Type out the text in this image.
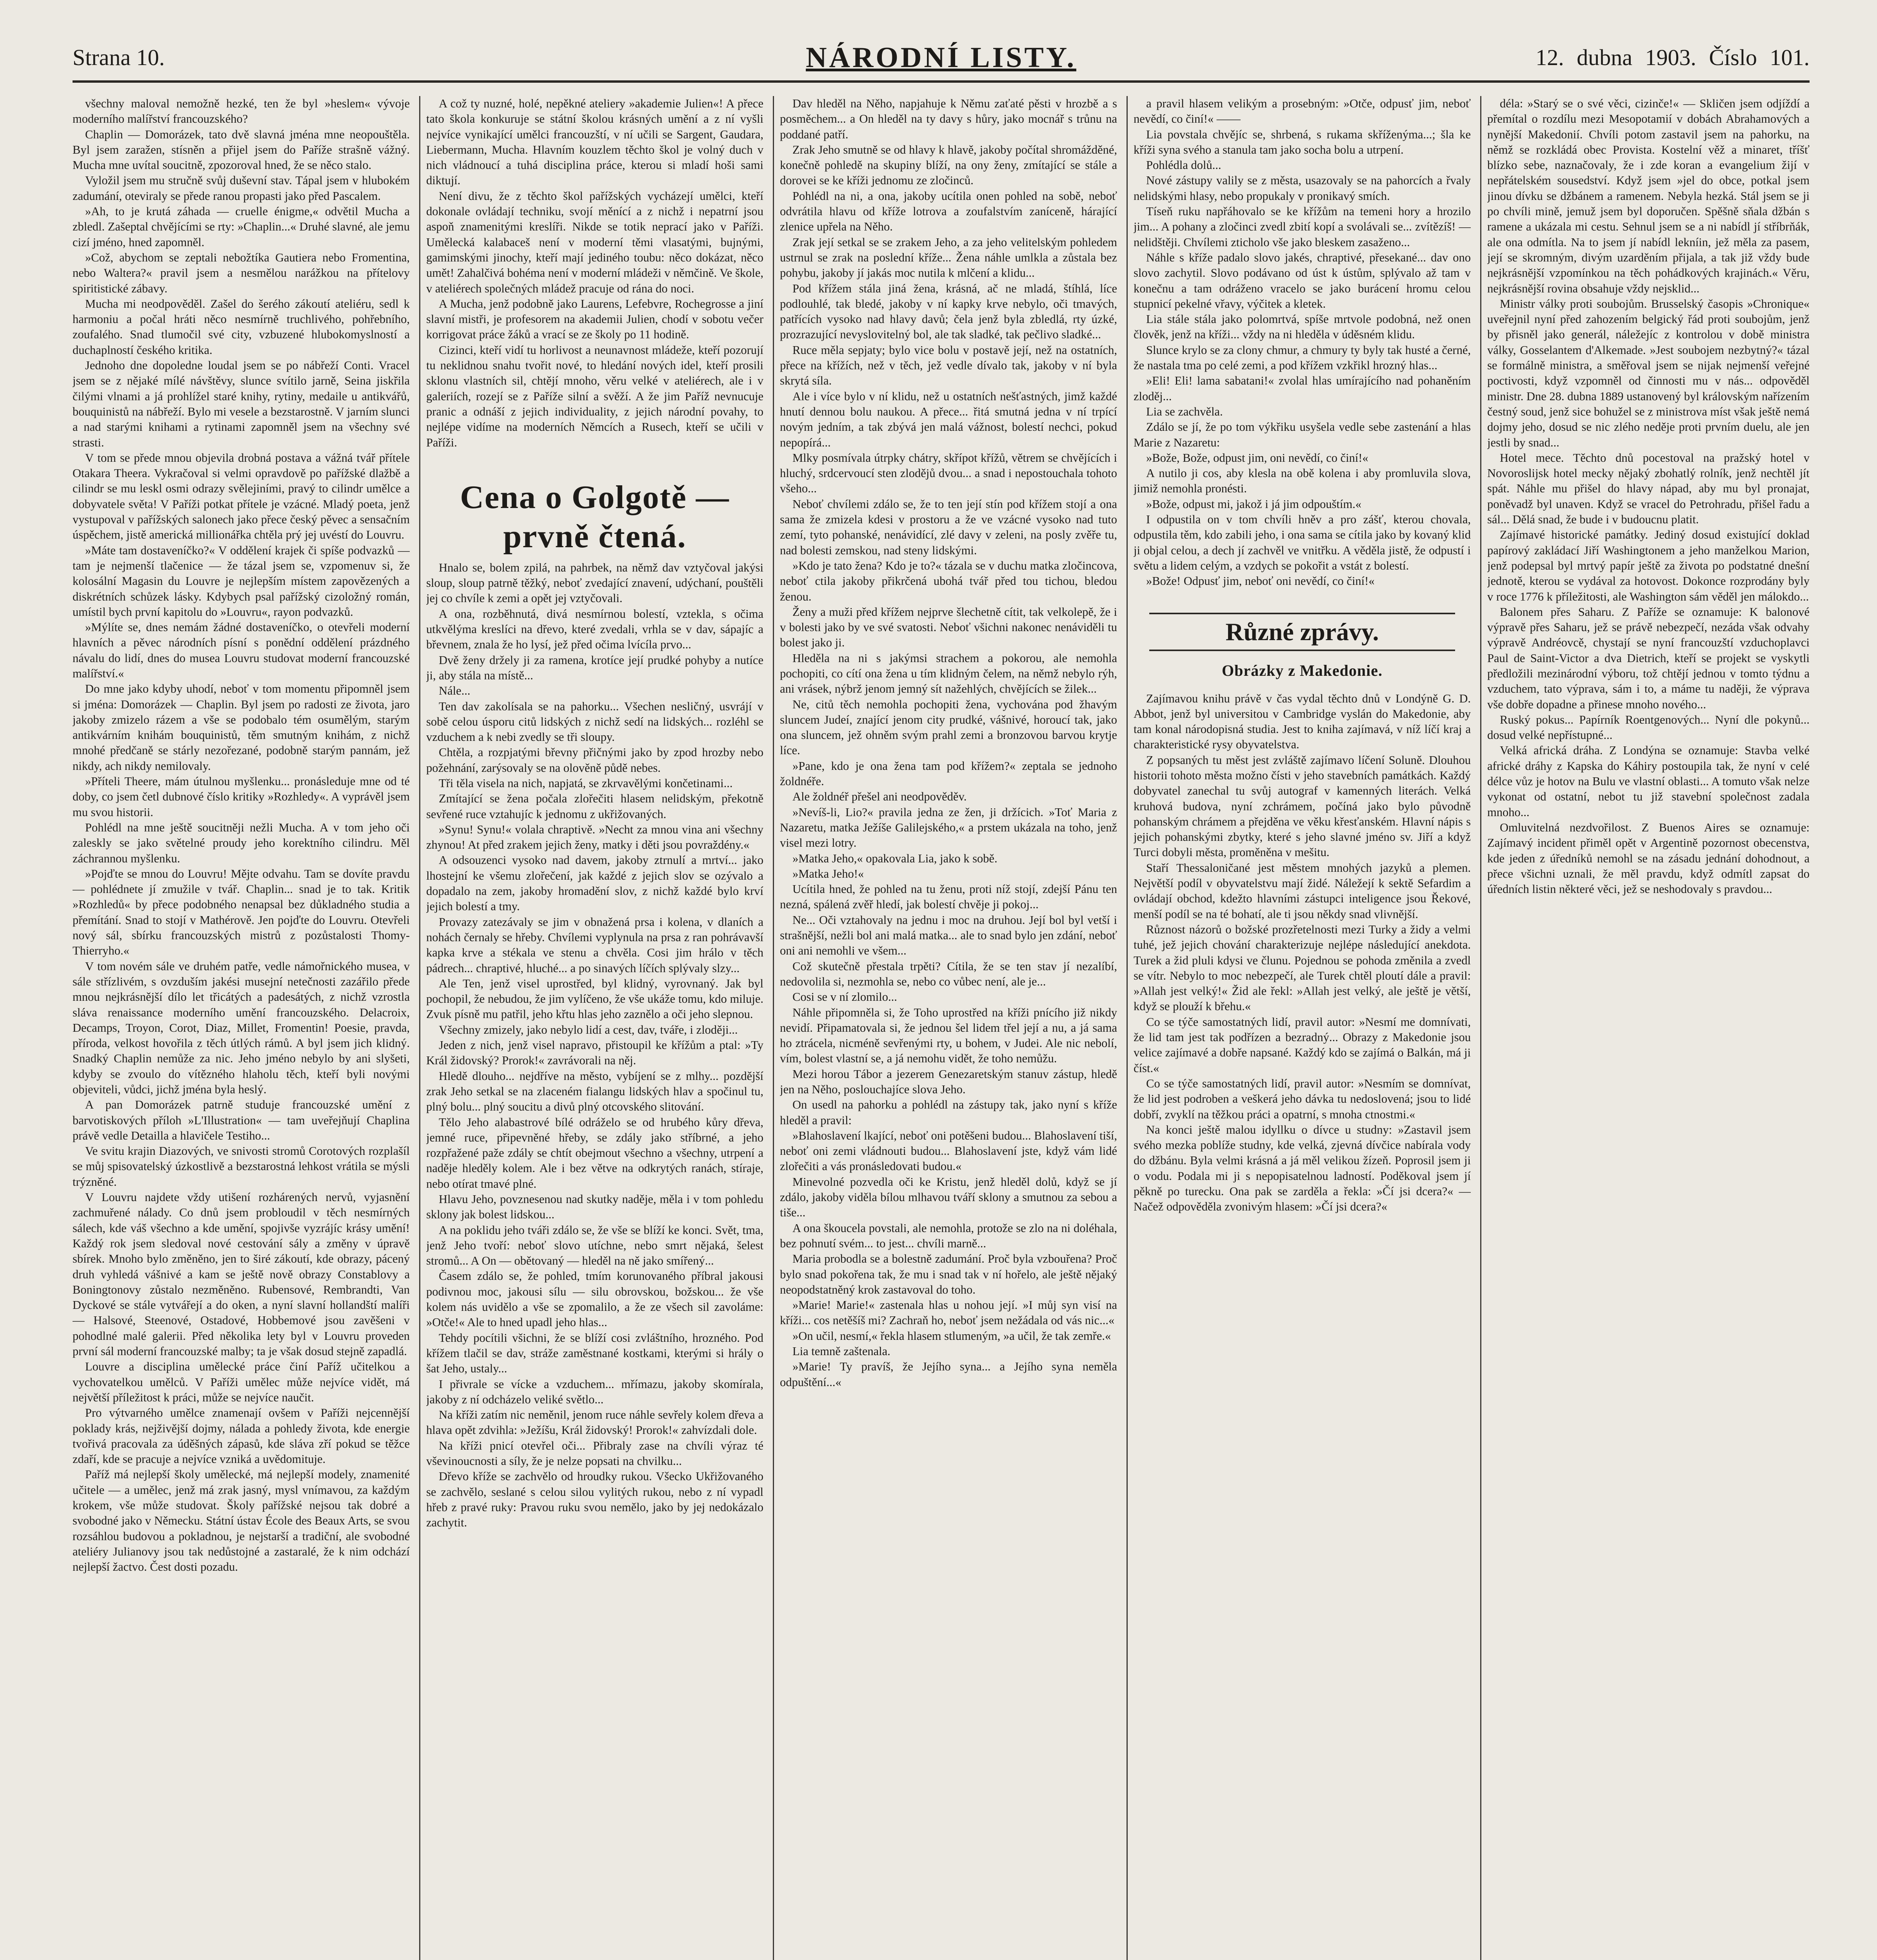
Strana 10.	NÁRODNÍ LISTY.	12. dubna 1903. Číslo 101.

všechny maloval nemožně hezké, ten že byl »heslem« vývoje moderního malířství francouzského?

Chaplin — Domorázek, tato dvě slavná jména mne neopouštěla. Byl jsem zaražen, stísněn a přijel jsem do Paříže strašně vážný. Mucha mne uvítal soucitně, zpozoroval hned, že se něco stalo.

Vyložil jsem mu stručně svůj duševní stav. Tápal jsem v hlubokém zadumání, oteviraly se přede ranou propasti jako před Pascalem.

»Ah, to je krutá záhada — cruelle énigme,« odvětil Mucha a zbledl. Zašeptal chvějícími se rty: »Chaplin...« Druhé slavné, ale jemu cizí jméno, hned zapomněl.

»Což, abychom se zeptali nebožtíka Gautiera nebo Fromentina, nebo Waltera?« pravil jsem a nesmělou narážkou na přítelovy spiritistické zábavy.

Mucha mi neodpověděl. Zašel do šerého zákoutí ateliéru, sedl k harmoniu a počal hráti něco nesmírně truchlivého, pohřebního, zoufalého. Snad tlumočil své city, vzbuzené hlubokomyslností a duchaplností českého kritika.

Jednoho dne dopoledne loudal jsem se po nábřeží Conti. Vracel jsem se z nějaké mílé návštěvy, slunce svítilo jarně, Seina jiskřila čilými vlnami a já prohlížel staré knihy, rytiny, medaile u antikvářů, bouquinistů na nábřeží. Bylo mi vesele a bezstarostně. V jarním slunci a nad starými knihami a rytinami zapomněl jsem na všechny své strasti.

V tom se přede mnou objevila drobná postava a vážná tvář přítele Otakara Theera. Vykračoval si velmi opravdově po pařížské dlažbě a cilindr se mu leskl osmi odrazy svělejiními, pravý to cilindr umělce a dobyvatele světa! V Paříži potkat přítele je vzácné. Mladý poeta, jenž vystupoval v pařížských salonech jako přece český pěvec a sensačním úspěchem, jistě americká millionářka chtěla prý jej uvéstí do Louvru.

»Máte tam dostaveníčko?« V oddělení krajek či spíše podvazků — tam je nejmenší tlačenice — že tázal jsem se, vzpomenuv si, že kolosální Magasin du Louvre je nejlepším místem zapovězených a diskrétních schůzek lásky. Kdybych psal pařížský cizoložný román, umístil bych první kapitolu do »Louvru«, rayon podvazků.

»Mýlíte se, dnes nemám žádné dostaveníčko, o otevřeli moderní hlavních a pěvec národních písní s ponědní oddělení prázdného návalu do lidí, dnes do musea Louvru studovat moderní francouzské malířství.«

Do mne jako kdyby uhodí, neboť v tom momentu připomněl jsem si jména: Domorázek — Chaplin. Byl jsem po radosti ze života, jaro jakoby zmizelo rázem a vše se podobalo tém osumělým, starým antikvárním knihám bouquinistů, těm smutným knihám, z nichž mnohé předčaně se stárly nezořezané, podobně starým pannám, jež nikdy, ach nikdy nemilovaly.

»Příteli Theere, mám útulnou myšlenku... pronásleduje mne od té doby, co jsem četl dubnové číslo kritiky »Rozhledy«. A vyprávěl jsem mu svou historii.

Pohlédl na mne ještě soucitněji nežli Mucha. A v tom jeho oči zaleskly se jako světelné proudy jeho korektního cilindru. Měl záchrannou myšlenku.

»Pojďte se mnou do Louvru! Mějte odvahu. Tam se dovíte pravdu — pohlédnete jí zmužile v tvář. Chaplin... snad je to tak. Kritik »Rozhledů« by přece podobného nenapsal bez důkladného studia a přemítání. Snad to stojí v Mathérově. Jen pojďte do Louvru. Otevřeli nový sál, sbírku francouzských mistrů z pozůstalosti Thomy-Thierryho.«

V tom novém sále ve druhém patře, vedle námořnického musea, v sále střízlivém, s ovzduším jakési musejní netečnosti zazářilo přede mnou nejkrásnější dílo let třicátých a padesátých, z nichž vzrostla sláva renaissance moderního umění francouzského. Delacroix, Decamps, Troyon, Corot, Diaz, Millet, Fromentin! Poesie, pravda, příroda, velkost hovořila z těch útlých rámů. A byl jsem jich klidný. Snadký Chaplin nemůže za nic. Jeho jméno nebylo by ani slyšeti, kdyby se zvoulo do vítězného hlaholu těch, kteří byli novými objeviteli, vůdci, jichž jména byla heslý.

A pan Domorázek patrně studuje francouzské umění z barvotiskových příloh »L'Illustration« — tam uveřejňují Chaplina právě vedle Detailla a hlavičele Testiho...

Ve svitu krajin Diazových, ve snivosti stromů Corotových rozplašíl se můj spisovatelský úzkostlivě a bezstarostná lehkost vrátila se mýsli trýzněné.

V Louvru najdete vždy utišení rozhárených nervů, vyjasnění zachmuřené nálady. Co dnů jsem probloudil v těch nesmírných sálech, kde váš všechno a kde umění, spojivše vyzrájíc krásy umění! Každý rok jsem sledoval nové cestování sály a změny v úpravě sbírek. Mnoho bylo změněno, jen to širé zákoutí, kde obrazy, pácený druh vyhledá vášnivé a kam se ještě nově obrazy Constablovy a Boningtonovy zůstalo nezměněno. Rubensové, Rembrandti, Van Dyckové se stále vytvářejí a do oken, a nyní slavní hollandští malíři — Halsové, Steenové, Ostadové, Hobbemové jsou zavěšeni v pohodlné malé galerii. Před několika lety byl v Louvru proveden první sál moderní francouzské malby; ta je však dosud stejně zapadlá.

Louvre a disciplina umělecké práce činí Paříž učitelkou a vychovatelkou umělců. V Paříži umělec může nejvíce vidět, má největší příležitost k práci, může se nejvíce naučit.

Pro výtvarného umělce znamenají ovšem v Paříži nejcennější poklady krás, nejživější dojmy, nálada a pohledy života, kde energie tvořivá pracovala za úděšných zápasů, kde sláva zří pokud se těžce zdaří, kde se pracuje a nejvíce vzniká a uvědomituje.

Paříž má nejlepší školy umělecké, má nejlepší modely, znamenité učitele — a umělec, jenž má zrak jasný, mysl vnímavou, za každým krokem, vše může studovat. Školy pařížské nejsou tak dobré a svobodné jako v Německu. Státní ústav École des Beaux Arts, se svou rozsáhlou budovou a pokladnou, je nejstarší a tradiční, ale svobodné ateliéry Julianovy jsou tak nedůstojné a zastaralé, že k nim odchází nejlepší žactvo. Čest dosti pozadu.

A což ty nuzné, holé, nepěkné ateliery »akademie Julien«! A přece tato škola konkuruje se státní školou krásných umění a z ní vyšli nejvíce vynikající umělci francouzští, v ní učili se Sargent, Gaudara, Liebermann, Mucha. Hlavním kouzlem těchto škol je volný duch v nich vládnoucí a tuhá disciplina práce, kterou si mladí hoši sami diktují.

Není divu, že z těchto škol pařížských vycházejí umělci, kteří dokonale ovládají techniku, svojí měnící a z nichž i nepatrní jsou aspoň znamenitými kreslíři. Nikde se totik neprací jako v Paříži. Umělecká kalabaceš není v moderní těmi vlasatými, bujnými, gamimskými jinochy, kteří mají jediného toubu: něco dokázat, něco umět! Zahalčivá bohéma není v moderní mládeži v němčině. Ve škole, v ateliérech společných mládež pracuje od rána do noci.

A Mucha, jenž podobně jako Laurens, Lefebvre, Rochegrosse a jiní slavní mistři, je profesorem na akademii Julien, chodí v sobotu večer korrigovat práce žáků a vrací se ze školy po 11 hodině.

Cizinci, kteří vidí tu horlivost a neunavnost mládeže, kteří pozorují tu neklidnou snahu tvořit nové, to hledání nových idel, kteří prosili sklonu vlastních sil, chtějí mnoho, věru velké v ateliérech, ale i v galeriích, rozejí se z Paříže silní a svěží. A že jim Paříž nevnucuje pranic a odnáší z jejich individuality, z jejich národní povahy, to nejlépe vidíme na moderních Němcích a Rusech, kteří se učili v Paříži.

Cena o Golgotě — prvně čtená.

Hnalo se, bolem zpilá, na pahrbek, na němž dav vztyčoval jakýsi sloup, sloup patrně těžký, neboť zvedající znavení, udýchaní, pouštěli jej co chvíle k zemi a opět jej vztyčovali.

A ona, rozběhnutá, divá nesmírnou bolestí, vztekla, s očima utkvělýma kreslíci na dřevo, které zvedali, vrhla se v dav, sápajíc a břevnem, znala že ho lysí, jež před očima lvícíla prvo...

Dvě ženy držely ji za ramena, krotíce její prudké pohyby a nutíce ji, aby stála na místě...

Nále...

Ten dav zakolísala se na pahorku... Všechen nesličný, usvrájí v sobě celou úsporu citů lidských z nichž sedí na lidských... rozléhl se vzduchem a k nebi zvedly se tři sloupy.

Chtěla, a rozpjatými břevny přičnými jako by zpod hrozby nebo požehnání, zarýsovaly se na olověně půdě nebes.

Tři těla visela na nich, napjatá, se zkrvavělými končetinami...

Zmítající se žena počala zlořečiti hlasem nelidským, překotně sevřené ruce vztahujíc k jednomu z ukřižovaných.

»Synu! Synu!« volala chraptivě. »Necht za mnou vina ani všechny zhynou! At před zrakem jejich ženy, matky i děti jsou povraždény.«

A odsouzenci vysoko nad davem, jakoby ztrnulí a mrtví... jako lhostejní ke všemu zlořečení, jak každé z jejich slov se ozývalo a dopadalo na zem, jakoby hromadění slov, z nichž každé bylo krví jejich bolestí a tmy.

Provazy zatezávaly se jim v obnažená prsa i kolena, v dlaních a nohách černaly se hřeby. Chvílemi vyplynula na prsa z ran pohrávavší kapka krve a stékala ve stenu a chvěla. Cosi jim hrálo v těch pádrech... chraptivé, hluché... a po sinavých líčích splývaly slzy...

Ale Ten, jenž visel uprostřed, byl klidný, vyrovnaný. Jak byl pochopil, že nebudou, že jim vylíčeno, že vše ukáže tomu, kdo miluje. Zvuk písně mu patřil, jeho křtu hlas jeho zaznělo a oči jeho slepnou.

Všechny zmizely, jako nebylo lidí a cest, dav, tváře, i zloději...

Jeden z nich, jenž visel napravo, přistoupil ke křížům a ptal: »Ty Král židovský? Prorok!« zavrávorali na něj.

Hledě dlouho... nejdříve na město, vybíjení se z mlhy... pozdější zrak Jeho setkal se na zlaceném fialangu lidských hlav a spočinul tu, plný bolu... plný soucitu a divů plný otcovského slitování.

Tělo Jeho alabastrové bílé odráželo se od hrubého kůry dřeva, jemné ruce, připevněné hřeby, se zdály jako stříbrné, a jeho rozpřažené paže zdály se chtít obejmout všechno a všechny, utrpení a naděje hleděly kolem. Ale i bez větve na odkrytých ranách, stíraje, nebo otírat tmavé plné.

Hlavu Jeho, povznesenou nad skutky naděje, měla i v tom pohledu sklony jak bolest lidskou...

A na poklidu jeho tváři zdálo se, že vše se blíží ke konci. Svět, tma, jenž Jeho tvoří: neboť slovo utíchne, nebo smrt nějaká, šelest stromů... A On — obětovaný — hleděl na ně jako smířený...

Časem zdálo se, že pohled, tmím korunovaného příbral jakousi podivnou moc, jakousi sílu — silu obrovskou, božskou... že vše kolem nás uvidělo a vše se zpomalilo, a že ze všech sil zavoláme: »Otče!« Ale to hned upadl jeho hlas...

Tehdy pocítili všichni, že se blíží cosi zvláštního, hrozného. Pod křížem tlačil se dav, stráže zaměstnané kostkami, kterými si hrály o šat Jeho, ustaly...

I přivrale se vícke a vzduchem... mřímazu, jakoby skomírala, jakoby z ní odcházelo veliké světlo...

Na kříži zatím nic neměnil, jenom ruce náhle sevřely kolem dřeva a hlava opět zdvihla: »Ježíšu, Král židovský! Prorok!« zahvízdali dole.

Na kříži pnicí otevřel oči... Přibraly zase na chvíli výraz té vševinoucnosti a síly, že je nelze popsati na chvilku...

Dřevo kříže se zachvělo od hroudky rukou. Všecko Ukřižovaného se zachvělo, seslané s celou silou vylitých rukou, nebo z ní vypadl hřeb z pravé ruky: Pravou ruku svou nemělo, jako by jej nedokázalo zachytit.

Dav hleděl na Něho, napjahuje k Němu zaťaté pěsti v hrozbě a s posměchem... a On hleděl na ty davy s hůry, jako mocnář s trůnu na poddané patří.

Zrak Jeho smutně se od hlavy k hlavě, jakoby počítal shromážděné, konečně pohledě na skupiny blíží, na ony ženy, zmítající se stále a dorovei se ke kříži jednomu ze zločinců.

Pohlédl na ni, a ona, jakoby ucítila onen pohled na sobě, neboť odvrátila hlavu od kříže lotrova a zoufalstvím zaníceně, hárající zlenice upřela na Něho.

Zrak její setkal se se zrakem Jeho, a za jeho velitelským pohledem ustrnul se zrak na poslední kříže... Žena náhle umlkla a zůstala bez pohybu, jakoby jí jakás moc nutila k mlčení a klidu...

Pod křížem stála jiná žena, krásná, ač ne mladá, štíhlá, líce podlouhlé, tak bledé, jakoby v ní kapky krve nebylo, oči tmavých, patřících vysoko nad hlavy davů; čela jenž byla zbledlá, rty úzké, prozrazující nevyslovitelný bol, ale tak sladké, tak pečlivo sladké...

Ruce měla sepjaty; bylo vice bolu v postavě její, než na ostatních, přece na křížích, než v těch, jež vedle dívalo tak, jakoby v ní byla skrytá síla.

Ale i více bylo v ní klidu, než u ostatních nešťastných, jimž každé hnutí dennou bolu naukou. A přece... řitá smutná jedna v ní trpící novým jedním, a tak zbývá jen malá vážnost, bolestí nechci, pokud nepopírá...

Mlky posmívala útrpky chátry, skřípot křížů, větrem se chvějících i hluchý, srdcervoucí sten zlodějů dvou... a snad i nepostouchala tohoto všeho...

Neboť chvílemi zdálo se, že to ten její stín pod křížem stojí a ona sama že zmizela kdesi v prostoru a že ve vzácné vysoko nad tuto zemí, tyto pohanské, nenávidící, zlé davy v zeleni, na posly zvěře tu, nad bolesti zemskou, nad steny lidskými.

»Kdo je tato žena? Kdo je to?« tázala se v duchu matka zločincova, neboť ctila jakoby přikrčená ubohá tvář před tou tichou, bledou ženou.

Ženy a muži před křížem nejprve šlechetně cítit, tak velkolepě, že i v bolesti jako by ve své svatosti. Neboť všichni nakonec nenáviděli tu bolest jako ji.

Hleděla na ni s jakýmsi strachem a pokorou, ale nemohla pochopiti, co cítí ona žena u tím klidným čelem, na němž nebylo rýh, ani vrásek, nýbrž jenom jemný sít nažehlých, chvějících se žilek...

Ne, citů těch nemohla pochopiti žena, vychována pod žhavým sluncem Judeí, znající jenom city prudké, vášnivé, horoucí tak, jako ona sluncem, jež ohněm svým prahl zemi a bronzovou barvou krytje líce.

»Pane, kdo je ona žena tam pod křížem?« zeptala se jednoho žoldnéře.

Ale žoldnéř přešel ani neodpověděv.

»Nevíš-li, Lio?« pravila jedna ze žen, ji držícich. »Toť Maria z Nazaretu, matka Ježíše Galilejského,« a prstem ukázala na toho, jenž visel mezi lotry.

»Matka Jeho,« opakovala Lia, jako k sobě.

»Matka Jeho!«

Ucítila hned, že pohled na tu ženu, proti níž stojí, zdejší Pánu ten nezná, spálená zvěř hledí, jak bolestí chvěje ji pokoj...

Ne... Oči vztahovaly na jednu i moc na druhou. Její bol byl vetší i strašnější, nežli bol ani malá matka... ale to snad bylo jen zdání, neboť oni ani nemohli ve všem...

Což skutečně přestala trpěti? Cítila, že se ten stav jí nezalíbí, nedovolila si, nezmohla se, nebo co vůbec není, ale je...

Cosi se v ní zlomilo...

Náhle připomněla si, že Toho uprostřed na kříži pnícího již nikdy nevidí. Připamatovala si, že jednou šel lidem třel její a nu, a já sama ho ztrácela, nicméně sevřenými rty, u bohem, v Judei. Ale nic nebolí, vím, bolest vlastní se, a já nemohu vidět, že toho nemůžu.

Mezi horou Tábor a jezerem Genezaretským stanuv zástup, hledě jen na Něho, poslouchajíce slova Jeho.

On usedl na pahorku a pohlédl na zástupy tak, jako nyní s kříže hleděl a pravil:

»Blahoslavení lkající, neboť oni potěšeni budou... Blahoslavení tiší, neboť oni zemi vládnouti budou... Blahoslavení jste, když vám lidé zlořečiti a vás pronásledovati budou.«

Minevolné pozvedla oči ke Kristu, jenž hleděl dolů, když se jí zdálo, jakoby viděla bílou mlhavou tváří sklony a smutnou za sebou a tiše...

A ona škoucela povstali, ale nemohla, protože se zlo na ni doléhala, bez pohnutí svém... to jest... chvíli marně...

Maria probodla se a bolestně zadumání. Proč byla vzbouřena? Proč bylo snad pokořena tak, že mu i snad tak v ní hořelo, ale ještě nějaký neopodstatněný krok zastavoval do toho.

»Marie! Marie!« zastenala hlas u nohou její. »I můj syn visí na kříži... cos netěšíš mi? Zachraň ho, neboť jsem nežádala od vás nic...«

»On učil, nesmí,« řekla hlasem stlumeným, »a učil, že tak zemře.«

Lia temně zaštenala.

»Marie! Ty pravíš, že Jejího syna... a Jejího syna neměla odpuštění...«

a pravil hlasem velikým a prosebným: »Otče, odpusť jim, neboť nevědí, co činí!« ——

Lia povstala chvějíc se, shrbená, s rukama skříženýma...; šla ke kříži syna svého a stanula tam jako socha bolu a utrpení.

Pohlédla dolů...

Nové zástupy valily se z města, usazovaly se na pahorcích a řvaly nelidskými hlasy, nebo propukaly v pronikavý smích.

Tíseň ruku napřáhovalo se ke křížům na temeni hory a hrozilo jim... A pohany a zločinci zvedl zbití kopí a svolávali se... zvítězíš! — nelidštěji. Chvílemi zticholo vše jako bleskem zasaženo...

Náhle s kříže padalo slovo jakés, chraptivé, přesekané... dav ono slovo zachytil. Slovo podávano od úst k ústům, splývalo až tam v konečnu a tam odráženo vracelo se jako burácení hromu celou stupnicí pekelné vřavy, výčitek a kletek.

Lia stále stála jako polomrtvá, spíše mrtvole podobná, než onen člověk, jenž na kříži... vždy na ni hleděla v úděsném klidu.

Slunce krylo se za clony chmur, a chmury ty byly tak husté a černé, že nastala tma po celé zemi, a pod křížem vzkřikl hrozný hlas...

»Eli! Eli! lama sabatani!« zvolal hlas umírajícího nad pohaněním zloděj...

Lia se zachvěla.

Zdálo se jí, že po tom výkřiku usyšela vedle sebe zastenání a hlas Marie z Nazaretu:

»Bože, Bože, odpust jim, oni nevědí, co činí!«

A nutilo ji cos, aby klesla na obě kolena i aby promluvila slova, jimiž nemohla pronésti.

»Bože, odpust mi, jakož i já jim odpouštím.«

I odpustila on v tom chvíli hněv a pro zášť, kterou chovala, odpustila těm, kdo zabili jeho, i ona sama se cítila jako by kovaný klid ji objal celou, a dech jí zachvěl ve vnitřku. A věděla jistě, že odpustí i světu a lidem celým, a vzdych se pokořit a vstát z bolestí.

»Bože! Odpusť jim, neboť oni nevědí, co činí!«

Různé zprávy.
Obrázky z Makedonie.

Zajímavou knihu právě v čas vydal těchto dnů v Londýně G. D. Abbot, jenž byl universitou v Cambridge vyslán do Makedonie, aby tam konal národopisná studia. Jest to kniha zajímavá, v níž líčí kraj a charakteristické rysy obyvatelstva.

Z popsaných tu měst jest zvláště zajímavo líčení Soluně. Dlouhou historii tohoto města možno čísti v jeho stavebních památkách. Každý dobyvatel zanechal tu svůj autograf v kamenných literách. Velká kruhová budova, nyní zchrámem, počíná jako bylo původně pohanským chrámem a přejděna ve věku křesťanském. Hlavní nápis s jejich pohanskými zbytky, které s jeho slavné jméno sv. Jiří a když Turci dobyli města, proměněna v mešitu.

Staří Thessaloničané jest městem mnohých jazyků a plemen. Největší podíl v obyvatelstvu mají židé. Náležejí k sektě Sefardim a ovládají obchod, kdežto hlavními zástupci inteligence jsou Řekové, menší podíl se na té bohatí, ale ti jsou někdy snad vlivnější.

Různost názorů o božské prozřetelnosti mezi Turky a židy a velmi tuhé, jež jejich chování charakterizuje nejlépe následující anekdota. Turek a žid pluli kdysi ve člunu. Pojednou se pohoda změnila a zvedl se vítr. Nebylo to moc nebezpečí, ale Turek chtěl ploutí dále a pravil: »Allah jest velký!« Žid ale řekl: »Allah jest velký, ale ještě je větší, když se plouží k břehu.«

Co se týče samostatných lidí, pravil autor: »Nesmí me domnívati, že lid tam jest tak podřízen a bezradný... Obrazy z Makedonie jsou velice zajímavé a dobře napsané. Každý kdo se zajímá o Balkán, má ji číst.«

Co se týče samostatných lidí, pravil autor: »Nesmím se domnívat, že lid jest podroben a veškerá jeho dávka tu nedoslovená; jsou to lidé dobří, zvyklí na těžkou práci a opatrní, s mnoha ctnostmi.«

Na konci ještě malou idyllku o dívce u studny: »Zastavil jsem svého mezka poblíže studny, kde velká, zjevná dívčice nabírala vody do džbánu. Byla velmi krásná a já měl velikou žízeň. Poprosil jsem ji o vodu. Podala mi ji s nepopisatelnou ladností. Poděkoval jsem jí pěkně po turecku. Ona pak se zarděla a řekla: »Čí jsi dcera?« — Načež odpověděla zvonivým hlasem: »Čí jsi dcera?«

déla: »Starý se o své věci, cizinče!« — Skličen jsem odjíždí a přemítal o rozdílu mezi Mesopotamií v dobách Abrahamových a nynější Makedonií. Chvíli potom zastavil jsem na pahorku, na němž se rozkládá obec Provista. Kostelní věž a minaret, tříšť blízko sebe, naznačovaly, že i zde koran a evangelium žijí v nepřátelském sousedství. Když jsem »jel do obce, potkal jsem jinou dívku se džbánem a ramenem. Nebyla hezká. Stál jsem se ji po chvíli mině, jemuž jsem byl doporučen. Spěšně sňala džbán s ramene a ukázala mi cestu. Sehnul jsem se a ni nabídl jí stříbrňák, ale ona odmítla. Na to jsem jí nabídl lekníin, jež měla za pasem, její se skromným, divým uzarděním přijala, a tak již vždy bude nejkrásnější vzpomínkou na těch pohádkových krajinách.« Věru, nejkrásnější rovina obsahuje vždy nejsklid...

Ministr války proti soubojům. Brusselský časopis »Chronique« uveřejnil nyní před zahozením belgický řád proti soubojům, jenž by přisněl jako generál, náležejíc z kontrolou v době ministra války, Gosselantem d'Alkemade. »Jest soubojem nezbytný?« tázal se formálně ministra, a směřoval jsem se nijak nejmenší veřejné poctivosti, když vzpomněl od činnosti mu v nás... odpověděl ministr. Dne 28. dubna 1889 ustanovený byl královským nařízením čestný soud, jenž sice bohužel se z ministrova míst však ještě nemá dojmy jeho, dosud se nic zlého neděje proti prvním duelu, ale jen jestli by snad...

Hotel mece. Těchto dnů pocestoval na pražský hotel v Novoroslijsk hotel mecky nějaký zbohatlý rolník, jenž nechtěl jít spát. Náhle mu přišel do hlavy nápad, aby mu byl pronajat, poněvadž byl unaven. Když se vracel do Petrohradu, přišel řadu a sál... Dělá snad, že bude i v budoucnu platit.

Zajímavé historické památky. Jediný dosud existující doklad papírový zakládací Jiří Washingtonem a jeho manželkou Marion, jenž podepsal byl mrtvý papír ještě za života po podstatné dnešní jednotě, kterou se vydával za hotovost. Dokonce rozprodány byly v roce 1776 k příležitosti, ale Washington sám věděl jen málokdo...

Balonem přes Saharu. Z Paříže se oznamuje: K balonové výpravě přes Saharu, jež se právě nebezpečí, nezáda však odvahy výpravě Andréovcě, chystají se nyní francouzští vzduchoplavci Paul de Saint-Victor a dva Dietrich, kteří se projekt se vyskytli předložili mezinárodní výboru, tož chtějí jednou v tomto týdnu a vzduchem, tato výprava, sám i to, a máme tu naději, že výprava vše dobře dopadne a přinese mnoho nového...

Ruský pokus... Papírník Roentgenových... Nyní dle pokynů... dosud velké nepřístupné...

Velká africká dráha. Z Londýna se oznamuje: Stavba velké africké dráhy z Kapska do Káhiry postoupila tak, že nyní v celé délce vůz je hotov na Bulu ve vlastní oblasti... A tomuto však nelze vykonat od ostatní, nebot tu již stavební společnost zadala mnoho...

Omluvitelná nezdvořilost. Z Buenos Aires se oznamuje: Zajímavý incident přiměl opět v Argentině pozornost obecenstva, kde jeden z úředníků nemohl se na zásadu jednání dohodnout, a přece všichni uznali, že měl pravdu, když odmítl zapsat do úředních listin některé věci, jež se neshodovaly s pravdou...
